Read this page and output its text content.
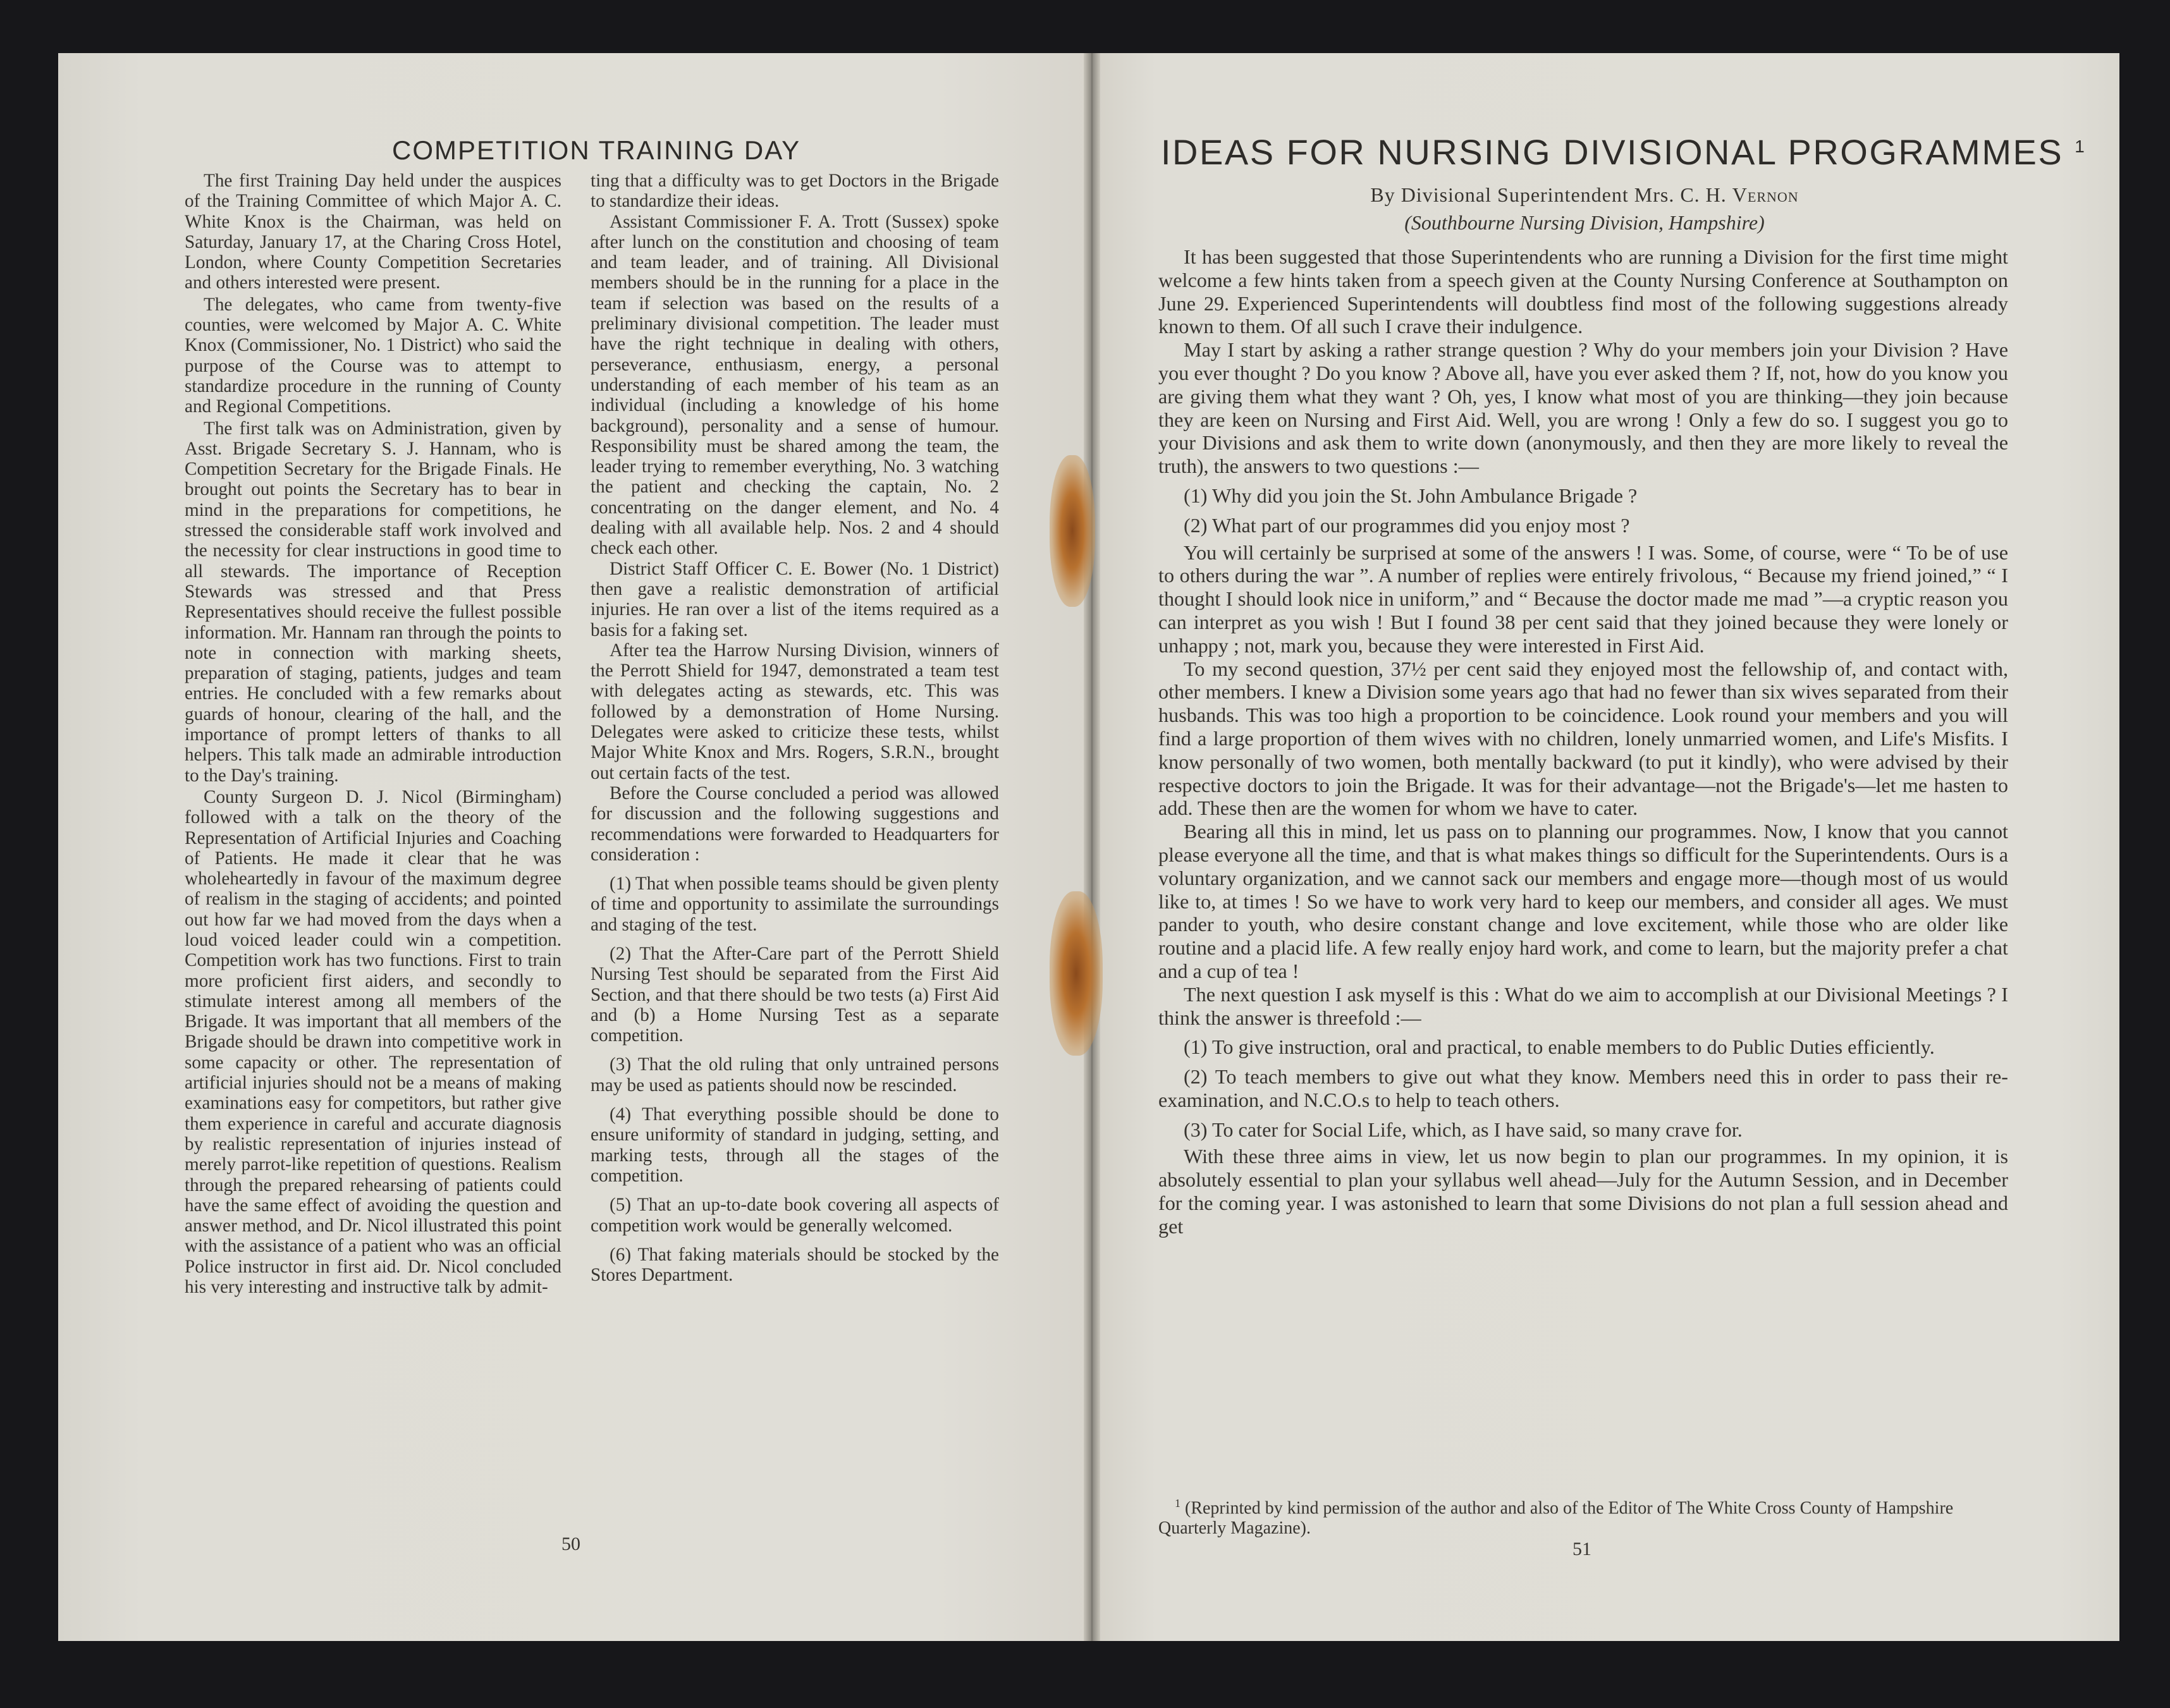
COMPETITION TRAINING DAY

The first Training Day held under the auspices of the Training Committee of which Major A. C. White Knox is the Chairman, was held on Saturday, January 17, at the Charing Cross Hotel, London, where County Competition Secretaries and others interested were present.

The delegates, who came from twenty-five counties, were welcomed by Major A. C. White Knox (Commissioner, No. 1 District) who said the purpose of the Course was to attempt to standardize procedure in the running of County and Regional Competitions.

The first talk was on Administration, given by Asst. Brigade Secretary S. J. Hannam, who is Competition Secretary for the Brigade Finals. He brought out points the Secretary has to bear in mind in the preparations for competitions, he stressed the considerable staff work involved and the necessity for clear instructions in good time to all stewards. The importance of Reception Stewards was stressed and that Press Representatives should receive the fullest possible information. Mr. Hannam ran through the points to note in connection with marking sheets, preparation of staging, patients, judges and team entries. He concluded with a few remarks about guards of honour, clearing of the hall, and the importance of prompt letters of thanks to all helpers. This talk made an admirable introduction to the Day's training.

County Surgeon D. J. Nicol (Birmingham) followed with a talk on the theory of the Representation of Artificial Injuries and Coaching of Patients. He made it clear that he was wholeheartedly in favour of the maximum degree of realism in the staging of accidents; and pointed out how far we had moved from the days when a loud voiced leader could win a competition. Competition work has two functions. First to train more proficient first aiders, and secondly to stimulate interest among all members of the Brigade. It was important that all members of the Brigade should be drawn into competitive work in some capacity or other. The representation of artificial injuries should not be a means of making examinations easy for competitors, but rather give them experience in careful and accurate diagnosis by realistic representation of injuries instead of merely parrot-like repetition of questions. Realism through the prepared rehearsing of patients could have the same effect of avoiding the question and answer method, and Dr. Nicol illustrated this point with the assistance of a patient who was an official Police instructor in first aid. Dr. Nicol concluded his very interesting and instructive talk by admit-

ting that a difficulty was to get Doctors in the Brigade to standardize their ideas.

Assistant Commissioner F. A. Trott (Sussex) spoke after lunch on the constitution and choosing of team and team leader, and of training. All Divisional members should be in the running for a place in the team if selection was based on the results of a preliminary divisional competition. The leader must have the right technique in dealing with others, perseverance, enthusiasm, energy, a personal understanding of each member of his team as an individual (including a knowledge of his home background), personality and a sense of humour. Responsibility must be shared among the team, the leader trying to remember everything, No. 3 watching the patient and checking the captain, No. 2 concentrating on the danger element, and No. 4 dealing with all available help. Nos. 2 and 4 should check each other.

District Staff Officer C. E. Bower (No. 1 District) then gave a realistic demonstration of artificial injuries. He ran over a list of the items required as a basis for a faking set.

After tea the Harrow Nursing Division, winners of the Perrott Shield for 1947, demonstrated a team test with delegates acting as stewards, etc. This was followed by a demonstration of Home Nursing. Delegates were asked to criticize these tests, whilst Major White Knox and Mrs. Rogers, S.R.N., brought out certain facts of the test.

Before the Course concluded a period was allowed for discussion and the following suggestions and recommendations were forwarded to Headquarters for consideration :

(1) That when possible teams should be given plenty of time and opportunity to assimilate the surroundings and staging of the test.

(2) That the After-Care part of the Perrott Shield Nursing Test should be separated from the First Aid Section, and that there should be two tests (a) First Aid and (b) a Home Nursing Test as a separate competition.

(3) That the old ruling that only untrained persons may be used as patients should now be rescinded.

(4) That everything possible should be done to ensure uniformity of standard in judging, setting, and marking tests, through all the stages of the competition.

(5) That an up-to-date book covering all aspects of competition work would be generally welcomed.

(6) That faking materials should be stocked by the Stores Department.

50
IDEAS FOR NURSING DIVISIONAL PROGRAMMES $^1$
By Divisional Superintendent Mrs. C. H. Vernon
(Southbourne Nursing Division, Hampshire)

It has been suggested that those Superintendents who are running a Division for the first time might welcome a few hints taken from a speech given at the County Nursing Conference at Southampton on June 29. Experienced Superintendents will doubtless find most of the following suggestions already known to them. Of all such I crave their indulgence.

May I start by asking a rather strange question ? Why do your members join your Division ? Have you ever thought ? Do you know ? Above all, have you ever asked them ? If, not, how do you know you are giving them what they want ? Oh, yes, I know what most of you are thinking—they join because they are keen on Nursing and First Aid. Well, you are wrong ! Only a few do so. I suggest you go to your Divisions and ask them to write down (anonymously, and then they are more likely to reveal the truth), the answers to two questions :—

(1) Why did you join the St. John Ambulance Brigade ?

(2) What part of our programmes did you enjoy most ?

You will certainly be surprised at some of the answers ! I was. Some, of course, were “ To be of use to others during the war ”. A number of replies were entirely frivolous, “ Because my friend joined,” “ I thought I should look nice in uniform,” and “ Because the doctor made me mad ”—a cryptic reason you can interpret as you wish ! But I found 38 per cent said that they joined because they were lonely or unhappy ; not, mark you, because they were interested in First Aid.

To my second question, 37½ per cent said they enjoyed most the fellowship of, and contact with, other members. I knew a Division some years ago that had no fewer than six wives separated from their husbands. This was too high a proportion to be coincidence. Look round your members and you will find a large proportion of them wives with no children, lonely unmarried women, and Life's Misfits. I know personally of two women, both mentally backward (to put it kindly), who were advised by their respective doctors to join the Brigade. It was for their advantage—not the Brigade's—let me hasten to add. These then are the women for whom we have to cater.

Bearing all this in mind, let us pass on to planning our programmes. Now, I know that you cannot please everyone all the time, and that is what makes things so difficult for the Superintendents. Ours is a voluntary organization, and we cannot sack our members and engage more—though most of us would like to, at times ! So we have to work very hard to keep our members, and consider all ages. We must pander to youth, who desire constant change and love excitement, while those who are older like routine and a placid life. A few really enjoy hard work, and come to learn, but the majority prefer a chat and a cup of tea !

The next question I ask myself is this : What do we aim to accomplish at our Divisional Meetings ? I think the answer is threefold :—

(1) To give instruction, oral and practical, to enable members to do Public Duties efficiently.

(2) To teach members to give out what they know. Members need this in order to pass their re-examination, and N.C.O.s to help to teach others.

(3) To cater for Social Life, which, as I have said, so many crave for.

With these three aims in view, let us now begin to plan our programmes. In my opinion, it is absolutely essential to plan your syllabus well ahead—July for the Autumn Session, and in December for the coming year. I was astonished to learn that some Divisions do not plan a full session ahead and get

$^1$ (Reprinted by kind permission of the author and also of the Editor of The White Cross County of Hampshire Quarterly Magazine).
51
